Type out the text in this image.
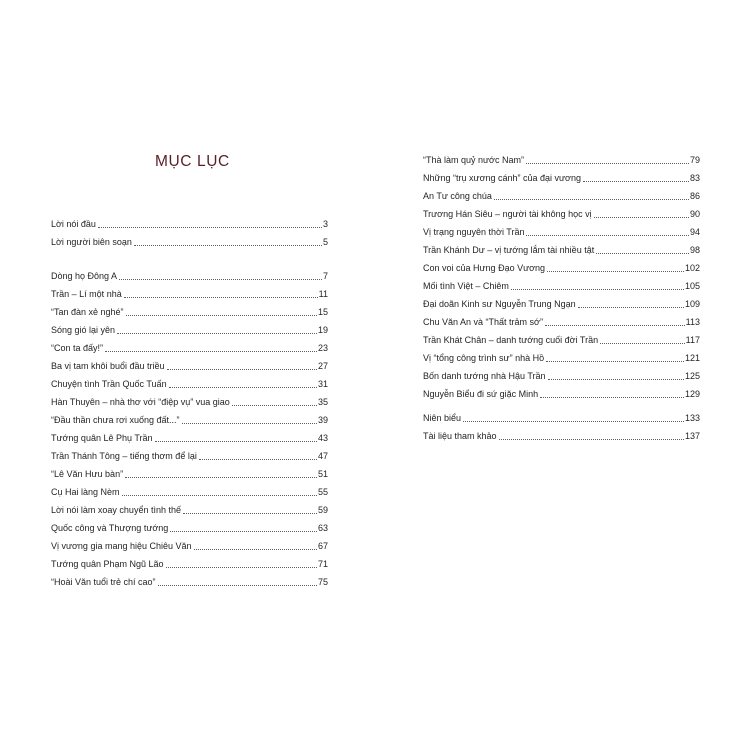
MỤC LỤC
Lời nói đầu	3
Lời người biên soạn	5
Dòng họ Đông A	7
Trần – Lí một nhà	11
“Tan đàn xẻ nghé”	15
Sóng gió lại yên	19
“Con ta đấy!”	23
Ba vị tam khôi buổi đầu triều	27
Chuyện tình Trần Quốc Tuấn	31
Hàn Thuyên – nhà thơ với “điệp vụ” vua giao	35
“Đầu thần chưa rơi xuống đất...”	39
Tướng quân Lê Phụ Trần	43
Trần Thánh Tông – tiếng thơm để lại	47
“Lê Văn Hưu bàn”	51
Cụ Hai làng Nèm	55
Lời nói làm xoay chuyển tình thế	59
Quốc công và Thượng tướng	63
Vị vương gia mang hiệu Chiêu Văn	67
Tướng quân Phạm Ngũ Lão	71
“Hoài Văn tuổi trẻ chí cao”	75
“Thà làm quỷ nước Nam”	79
Những “trụ xương cánh” của đại vương	83
An Tư công chúa	86
Trương Hán Siêu – người tài không học vị	90
Vị trạng nguyên thời Trần	94
Trần Khánh Dư – vị tướng lắm tài nhiều tật	98
Con voi của Hưng Đạo Vương	102
Mối tình Việt – Chiêm	105
Đại doãn Kinh sư Nguyễn Trung Ngạn	109
Chu Văn An và “Thất trảm sớ”	113
Trần Khát Chân – danh tướng cuối đời Trần	117
Vị “tổng công trình sư” nhà Hồ	121
Bốn danh tướng nhà Hậu Trần	125
Nguyễn Biểu đi sứ giặc Minh	129
Niên biểu	133
Tài liệu tham khảo	137
